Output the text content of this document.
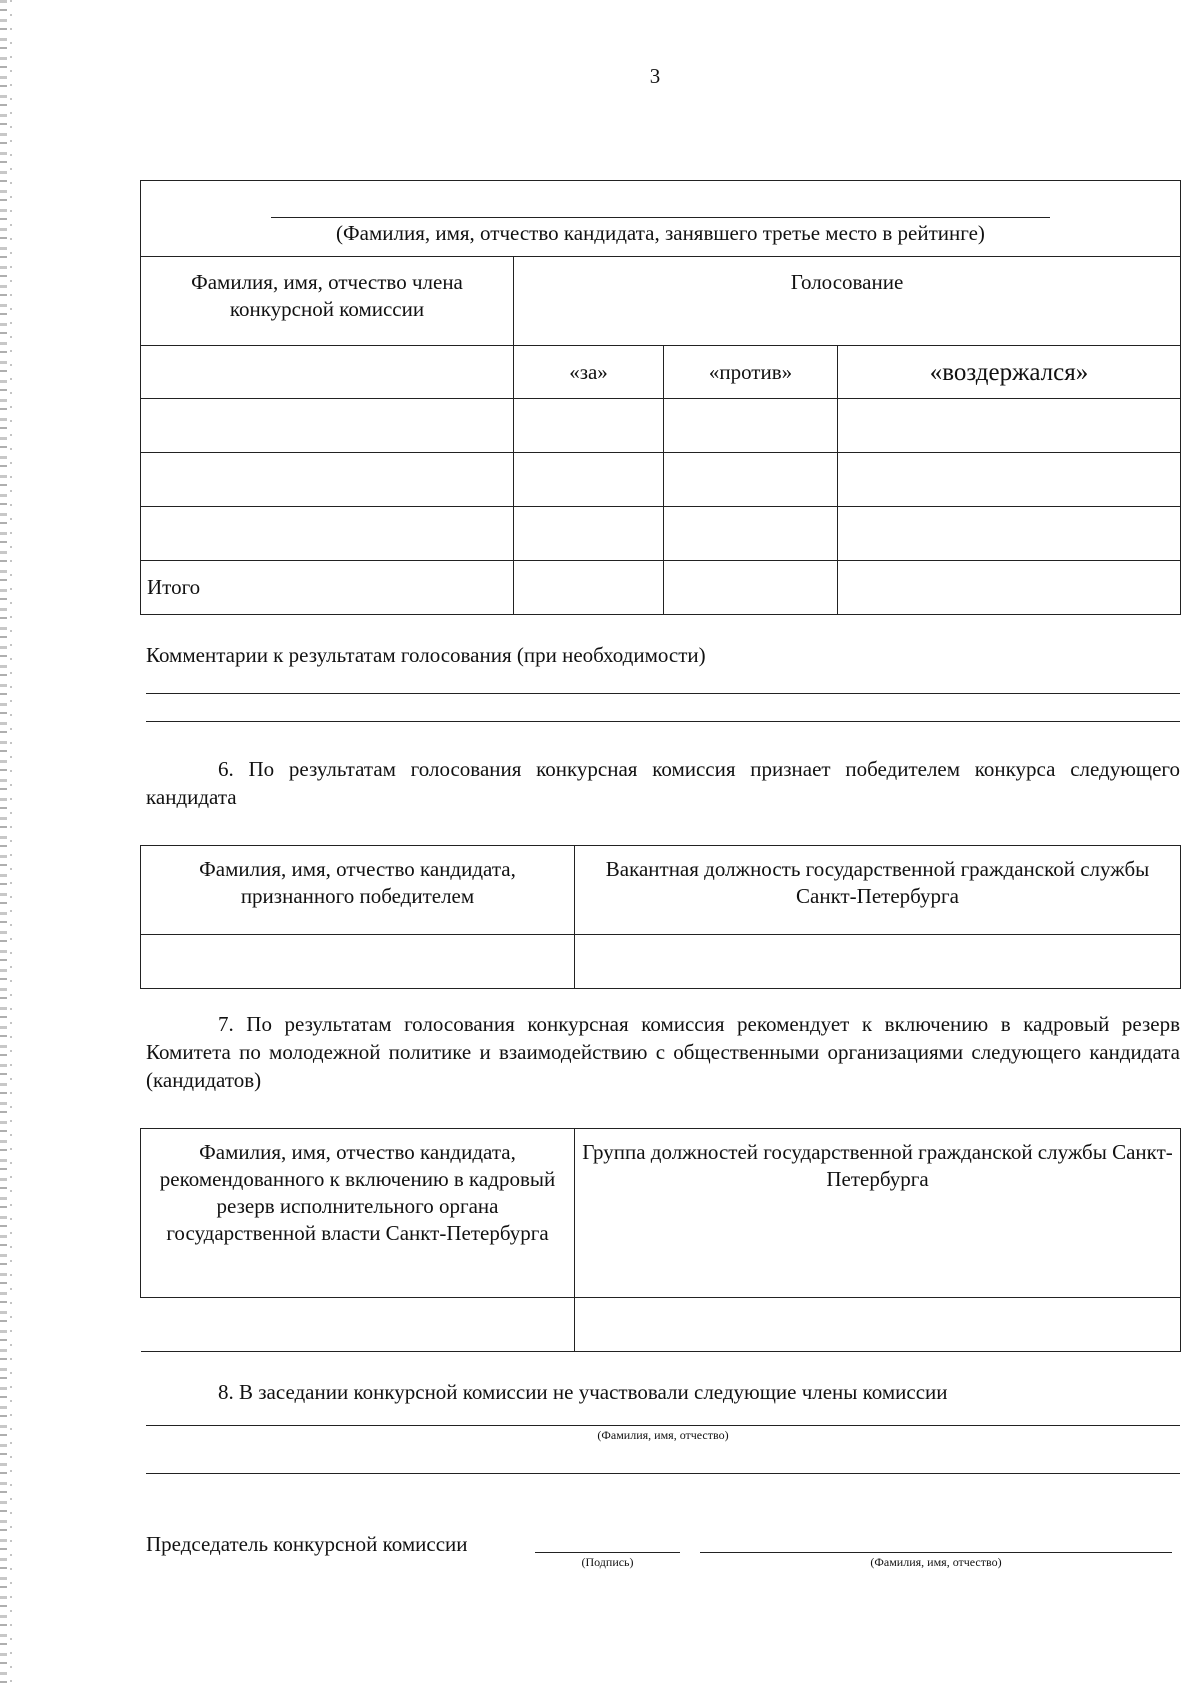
3
(Фамилия, имя, отчество кандидата, занявшего третье место в рейтинге)			

Фамилия, имя, отчество члена конкурсной комиссии	Голосование		
	«за»	«против»	«воздержался»

Итого			
Комментарии к результатам голосования (при необходимости)
6. По результатам голосования конкурсная комиссия признает победителем конкурса следующего кандидата
Фамилия, имя, отчество кандидата, признанного победителем	Вакантная должность государственной гражданской службы Санкт-Петербурга

7. По результатам голосования конкурсная комиссия рекомендует к включению в кадровый резерв Комитета по молодежной политике и взаимодействию с общественными организациями следующего кандидата (кандидатов)
Фамилия, имя, отчество кандидата, рекомендованного к включению в кадровый резерв исполнительного органа государственной власти Санкт-Петербурга	Группа должностей государственной гражданской службы Санкт-Петербурга

8. В заседании конкурсной комиссии не участвовали следующие члены комиссии
(Фамилия, имя, отчество)
Председатель конкурсной комиссии
(Подпись)	(Фамилия, имя, отчество)
